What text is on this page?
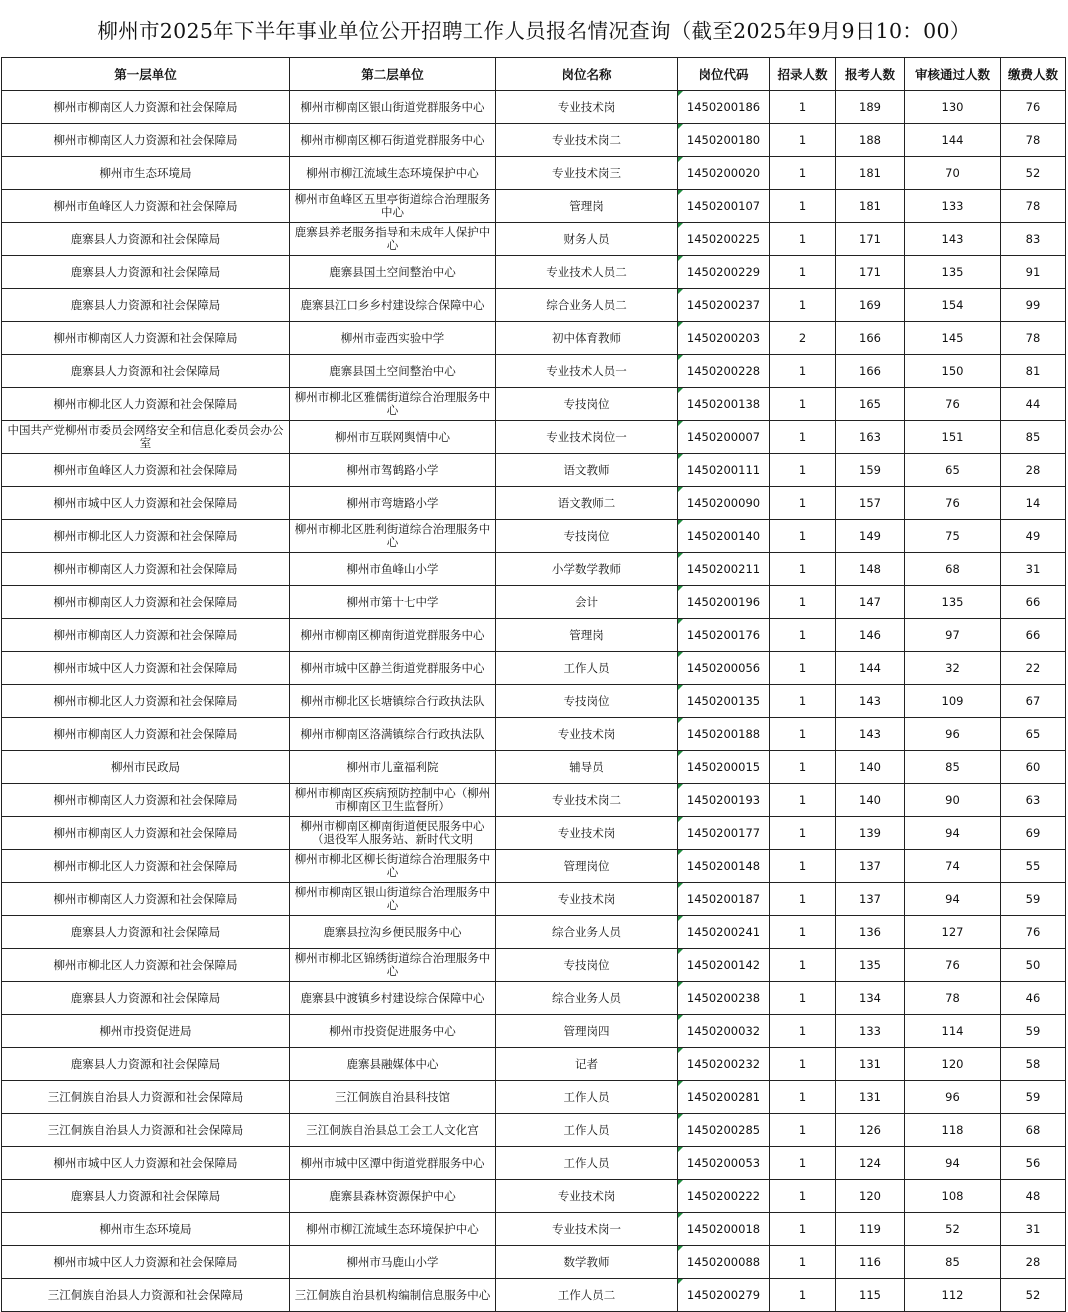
柳州市2025年下半年事业单位公开招聘工作人员报名情况查询（截至2025年9月9日10：00）
第一层单位	第二层单位	岗位名称	岗位代码	招录人数	报考人数	审核通过人数	缴费人数
柳州市柳南区人力资源和社会保障局	柳州市柳南区银山街道党群服务中心	专业技术岗	1450200186	1	189	130	76
柳州市柳南区人力资源和社会保障局	柳州市柳南区柳石街道党群服务中心	专业技术岗二	1450200180	1	188	144	78
柳州市生态环境局	柳州市柳江流域生态环境保护中心	专业技术岗三	1450200020	1	181	70	52
柳州市鱼峰区人力资源和社会保障局	柳州市鱼峰区五里亭街道综合治理服务中心	管理岗	1450200107	1	181	133	78
鹿寨县人力资源和社会保障局	鹿寨县养老服务指导和未成年人保护中心	财务人员	1450200225	1	171	143	83
鹿寨县人力资源和社会保障局	鹿寨县国土空间整治中心	专业技术人员二	1450200229	1	171	135	91
鹿寨县人力资源和社会保障局	鹿寨县江口乡乡村建设综合保障中心	综合业务人员二	1450200237	1	169	154	99
柳州市柳南区人力资源和社会保障局	柳州市壶西实验中学	初中体育教师	1450200203	2	166	145	78
鹿寨县人力资源和社会保障局	鹿寨县国土空间整治中心	专业技术人员一	1450200228	1	166	150	81
柳州市柳北区人力资源和社会保障局	柳州市柳北区雅儒街道综合治理服务中心	专技岗位	1450200138	1	165	76	44
中国共产党柳州市委员会网络安全和信息化委员会办公室	柳州市互联网舆情中心	专业技术岗位一	1450200007	1	163	151	85
柳州市鱼峰区人力资源和社会保障局	柳州市驾鹤路小学	语文教师	1450200111	1	159	65	28
柳州市城中区人力资源和社会保障局	柳州市弯塘路小学	语文教师二	1450200090	1	157	76	14
柳州市柳北区人力资源和社会保障局	柳州市柳北区胜利街道综合治理服务中心	专技岗位	1450200140	1	149	75	49
柳州市柳南区人力资源和社会保障局	柳州市鱼峰山小学	小学数学教师	1450200211	1	148	68	31
柳州市柳南区人力资源和社会保障局	柳州市第十七中学	会计	1450200196	1	147	135	66
柳州市柳南区人力资源和社会保障局	柳州市柳南区柳南街道党群服务中心	管理岗	1450200176	1	146	97	66
柳州市城中区人力资源和社会保障局	柳州市城中区静兰街道党群服务中心	工作人员	1450200056	1	144	32	22
柳州市柳北区人力资源和社会保障局	柳州市柳北区长塘镇综合行政执法队	专技岗位	1450200135	1	143	109	67
柳州市柳南区人力资源和社会保障局	柳州市柳南区洛满镇综合行政执法队	专业技术岗	1450200188	1	143	96	65
柳州市民政局	柳州市儿童福利院	辅导员	1450200015	1	140	85	60
柳州市柳南区人力资源和社会保障局	柳州市柳南区疾病预防控制中心（柳州市柳南区卫生监督所）	专业技术岗二	1450200193	1	140	90	63
柳州市柳南区人力资源和社会保障局	柳州市柳南区柳南街道便民服务中心（退役军人服务站、新时代文明	专业技术岗	1450200177	1	139	94	69
柳州市柳北区人力资源和社会保障局	柳州市柳北区柳长街道综合治理服务中心	管理岗位	1450200148	1	137	74	55
柳州市柳南区人力资源和社会保障局	柳州市柳南区银山街道综合治理服务中心	专业技术岗	1450200187	1	137	94	59
鹿寨县人力资源和社会保障局	鹿寨县拉沟乡便民服务中心	综合业务人员	1450200241	1	136	127	76
柳州市柳北区人力资源和社会保障局	柳州市柳北区锦绣街道综合治理服务中心	专技岗位	1450200142	1	135	76	50
鹿寨县人力资源和社会保障局	鹿寨县中渡镇乡村建设综合保障中心	综合业务人员	1450200238	1	134	78	46
柳州市投资促进局	柳州市投资促进服务中心	管理岗四	1450200032	1	133	114	59
鹿寨县人力资源和社会保障局	鹿寨县融媒体中心	记者	1450200232	1	131	120	58
三江侗族自治县人力资源和社会保障局	三江侗族自治县科技馆	工作人员	1450200281	1	131	96	59
三江侗族自治县人力资源和社会保障局	三江侗族自治县总工会工人文化宫	工作人员	1450200285	1	126	118	68
柳州市城中区人力资源和社会保障局	柳州市城中区潭中街道党群服务中心	工作人员	1450200053	1	124	94	56
鹿寨县人力资源和社会保障局	鹿寨县森林资源保护中心	专业技术岗	1450200222	1	120	108	48
柳州市生态环境局	柳州市柳江流域生态环境保护中心	专业技术岗一	1450200018	1	119	52	31
柳州市城中区人力资源和社会保障局	柳州市马鹿山小学	数学教师	1450200088	1	116	85	28
三江侗族自治县人力资源和社会保障局	三江侗族自治县机构编制信息服务中心	工作人员二	1450200279	1	115	112	52
